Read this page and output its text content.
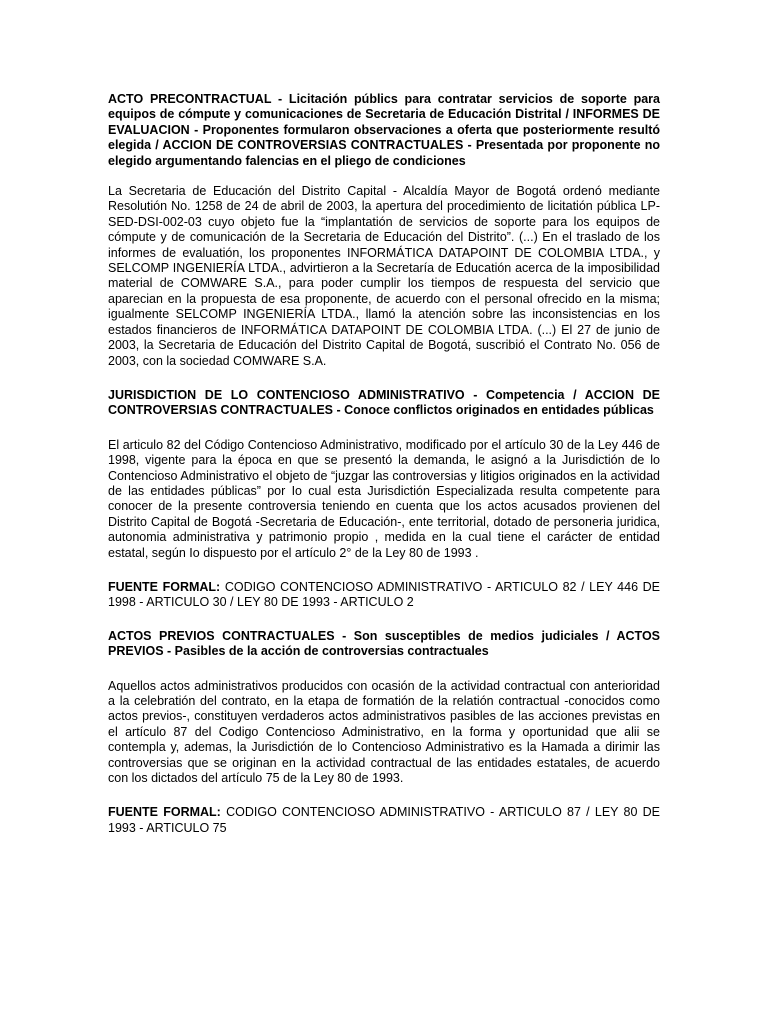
ACTO PRECONTRACTUAL - Licitación públics para contratar servicios de soporte para equipos de cómpute y comunicaciones de Secretaria de Educación Distrital / INFORMES DE EVALUACION - Proponentes formularon observaciones a oferta que posteriormente resultó elegida / ACCION DE CONTROVERSIAS CONTRACTUALES - Presentada por proponente no elegido argumentando falencias en el pliego de condiciones

La Secretaria de Educación del Distrito Capital - Alcaldía Mayor de Bogotá ordenó mediante Resolutión No. 1258 de 24 de abril de 2003, la apertura del procedimiento de licitatión pública LP-SED-DSI-002-03 cuyo objeto fue la “implantatión de servicios de soporte para los equipos de cómpute y de comunicación de la Secretaria de Educación del Distrito”. (...) En el traslado de los informes de evaluatión, los proponentes INFORMÁTICA DATAPOINT DE COLOMBIA LTDA., y SELCOMP INGENIERÍA LTDA., advirtieron a la Secretaría de Educatión acerca de la imposibilidad material de COMWARE S.A., para poder cumplir los tiempos de respuesta del servicio que aparecian en la propuesta de esa proponente, de acuerdo con el personal ofrecido en la misma; igualmente SELCOMP INGENIERÍA LTDA., llamó la atención sobre las inconsistencias en los estados financieros de INFORMÁTICA DATAPOINT DE COLOMBIA LTDA. (...) El 27 de junio de 2003, la Secretaria de Educación del Distrito Capital de Bogotá, suscribió el Contrato No. 056 de 2003, con la sociedad COMWARE S.A.

JURISDICTION DE LO CONTENCIOSO ADMINISTRATIVO - Competencia / ACCION DE CONTROVERSIAS CONTRACTUALES - Conoce conflictos originados en entidades públicas

El articulo 82 del Código Contencioso Administrativo, modificado por el artículo 30 de la Ley 446 de 1998, vigente para la época en que se presentó la demanda, le asignó a la Jurisdictión de lo Contencioso Administrativo el objeto de “juzgar las controversias y litigios originados en la actividad de las entidades públicas” por Io cual esta Jurisdictión Especializada resulta competente para conocer de la presente controversia teniendo en cuenta que los actos acusados provienen del Distrito Capital de Bogotá -Secretaria de Educación-, ente territorial, dotado de personeria juridica, autonomia administrativa y patrimonio propio , medida en la cual tiene el carácter de entidad estatal, según Io dispuesto por el artículo 2° de la Ley 80 de 1993 .

FUENTE FORMAL: CODIGO CONTENCIOSO ADMINISTRATIVO - ARTICULO 82 / LEY 446 DE 1998 - ARTICULO 30 / LEY 80 DE 1993 - ARTICULO 2

ACTOS PREVIOS CONTRACTUALES - Son susceptibles de medios judiciales / ACTOS PREVIOS - Pasibles de la acción de controversias contractuales

Aquellos actos administrativos producidos con ocasión de la actividad contractual con anterioridad a la celebratión del contrato, en la etapa de formatión de la relatión contractual -conocidos como actos previos-, constituyen verdaderos actos administrativos pasibles de las acciones previstas en el artículo 87 del Codigo Contencioso Administrativo, en la forma y oportunidad que alii se contempla y, ademas, la Jurisdictión de lo Contencioso Administrativo es la Hamada a dirimir las controversias que se originan en la actividad contractual de las entidades estatales, de acuerdo con los dictados del artículo 75 de la Ley 80 de 1993.

FUENTE FORMAL: CODIGO CONTENCIOSO ADMINISTRATIVO - ARTICULO 87 / LEY 80 DE 1993 - ARTICULO 75
